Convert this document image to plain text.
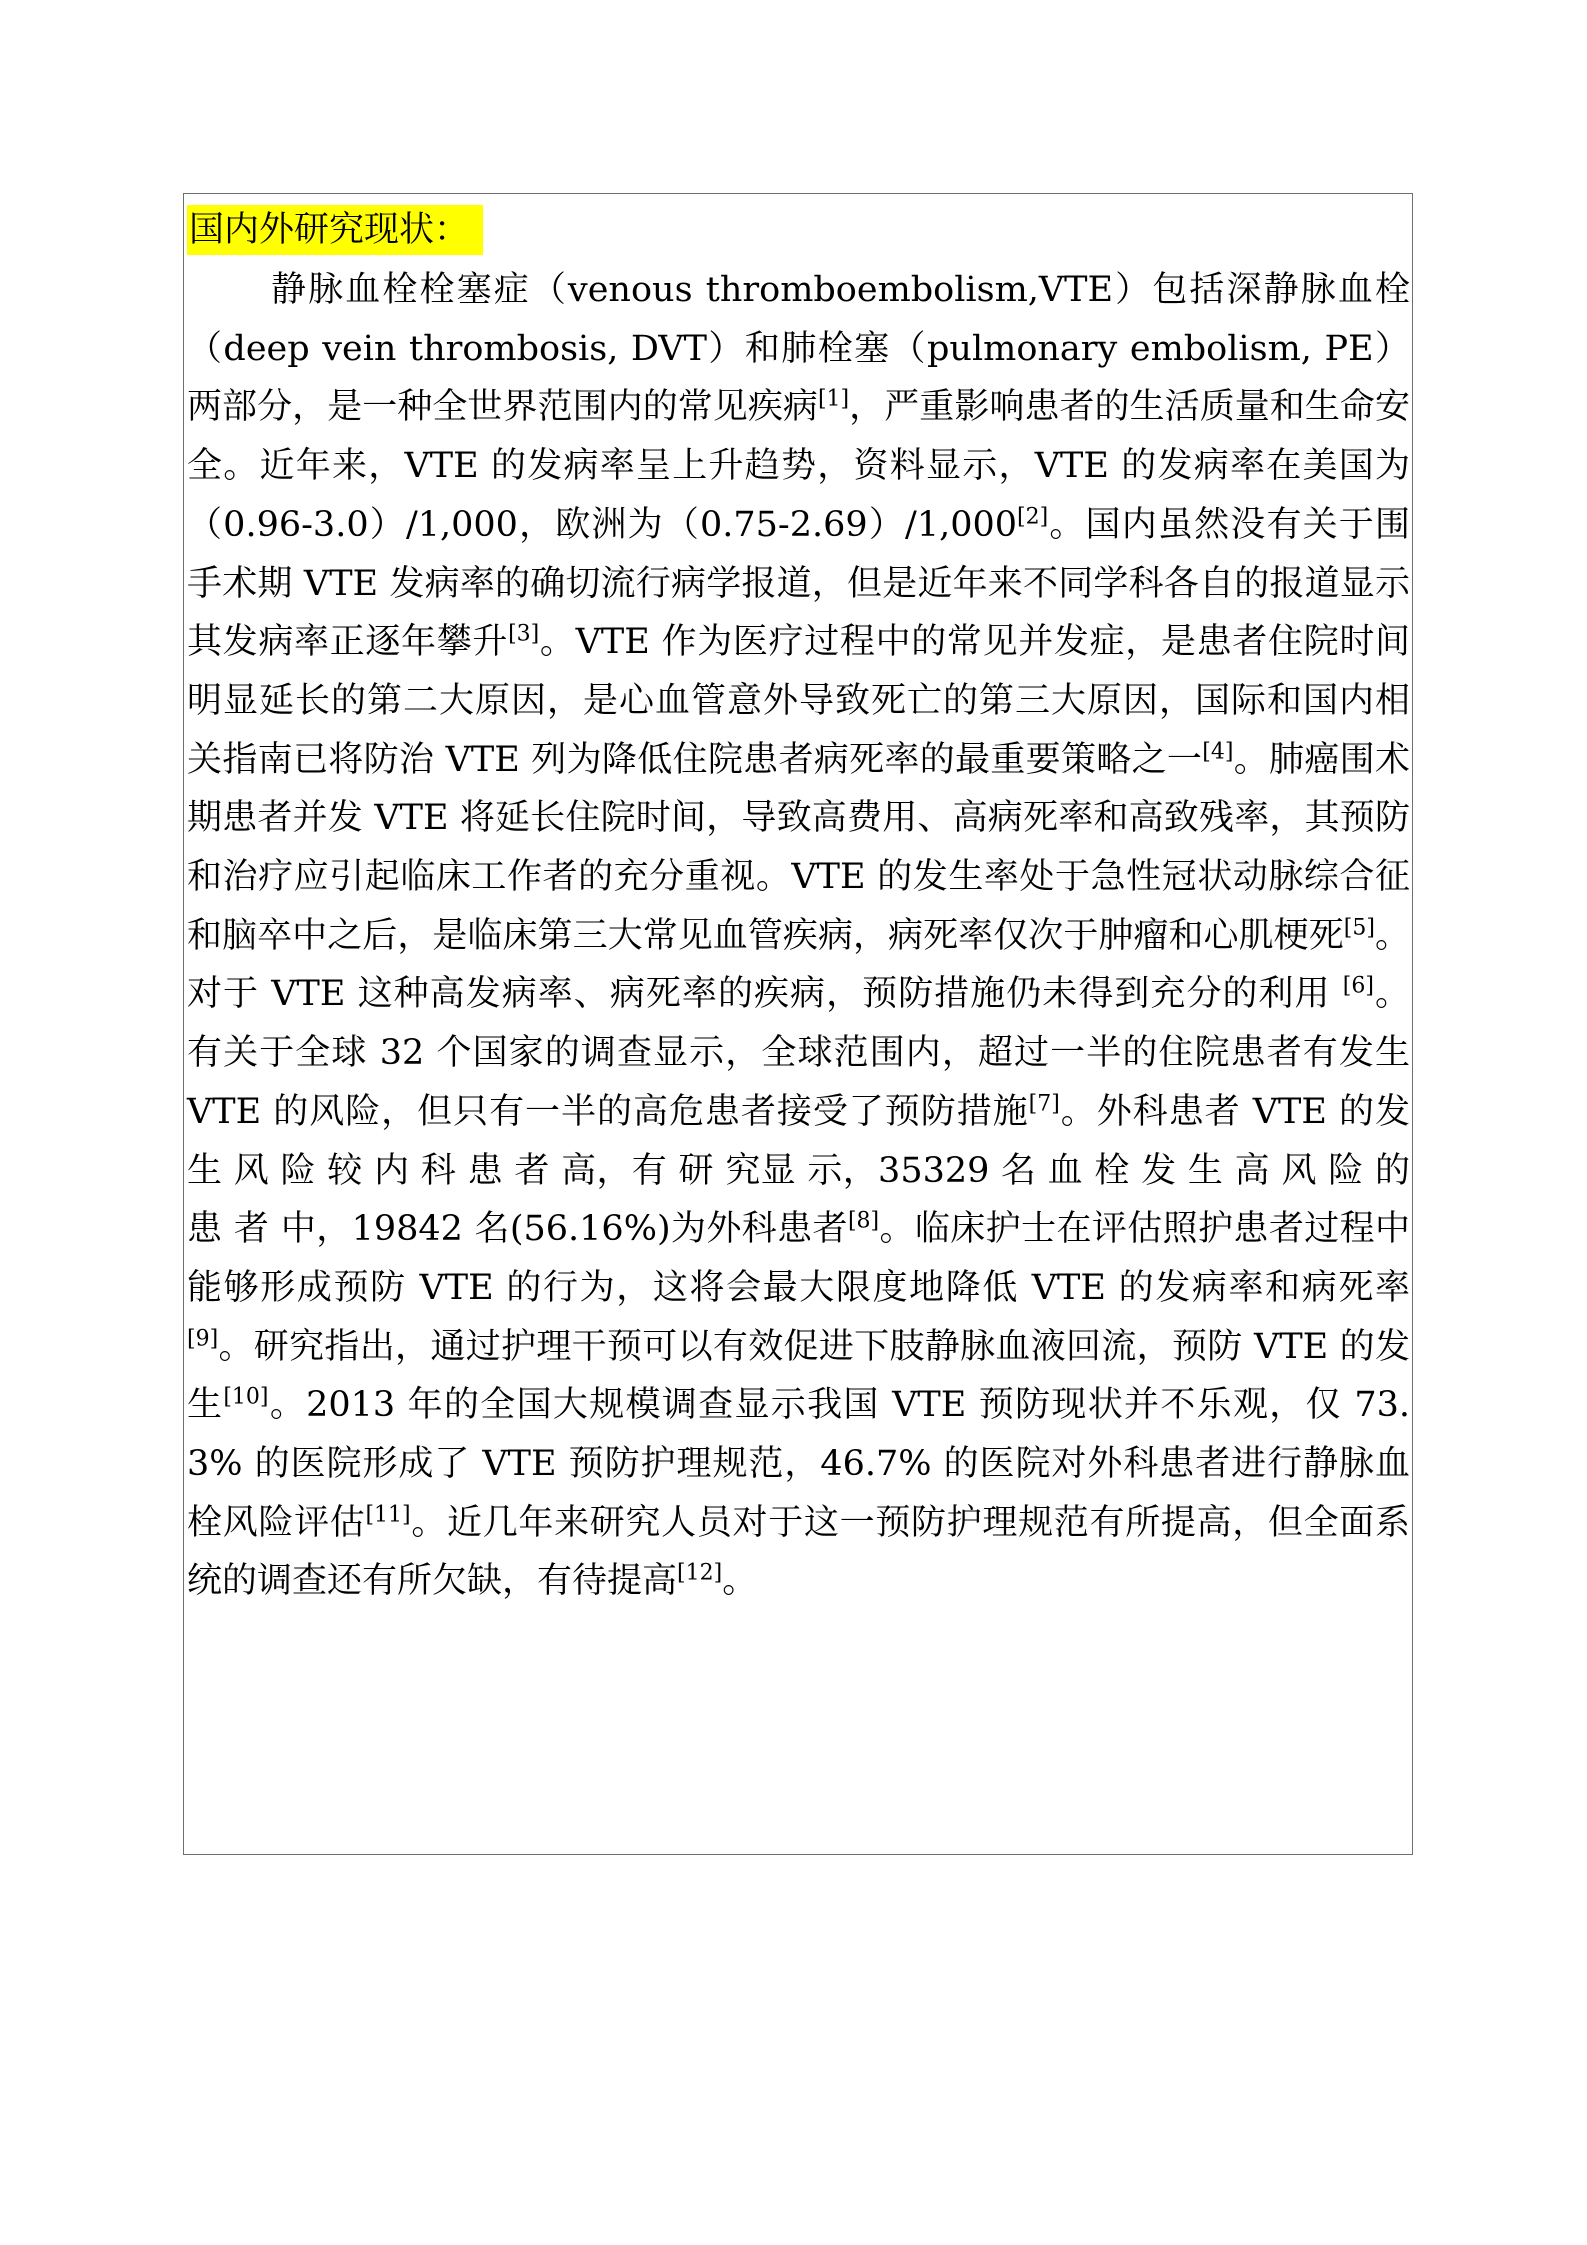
国内外研究现状：

静脉血栓栓塞症（venous thromboembolism,VTE）包括深静脉血栓（deep vein thrombosis, DVT）和肺栓塞（pulmonary embolism, PE）两部分，是一种全世界范围内的常见疾病[1]，严重影响患者的生活质量和生命安全。近年来，VTE 的发病率呈上升趋势，资料显示，VTE 的发病率在美国为（0.96-3.0）/1,000，欧洲为（0.75-2.69）/1,000[2]。国内虽然没有关于围手术期 VTE 发病率的确切流行病学报道，但是近年来不同学科各自的报道显示其发病率正逐年攀升[3]。VTE 作为医疗过程中的常见并发症，是患者住院时间明显延长的第二大原因，是心血管意外导致死亡的第三大原因，国际和国内相关指南已将防治 VTE 列为降低住院患者病死率的最重要策略之一[4]。肺癌围术期患者并发 VTE 将延长住院时间，导致高费用、高病死率和高致残率，其预防和治疗应引起临床工作者的充分重视。VTE 的发生率处于急性冠状动脉综合征和脑卒中之后，是临床第三大常见血管疾病，病死率仅次于肿瘤和心肌梗死[5]。对于 VTE 这种高发病率、病死率的疾病，预防措施仍未得到充分的利用 [6]。有关于全球 32 个国家的调查显示，全球范围内，超过一半的住院患者有发生 VTE 的风险，但只有一半的高危患者接受了预防措施[7]。外科患者 VTE 的发 生 风 险 较 内 科 患 者 高，有 研 究显 示，35329 名 血 栓 发 生 高 风 险 的 患 者 中，19842 名(56.16%)为外科患者[8]。临床护士在评估照护患者过程中能够形成预防 VTE 的行为，这将会最大限度地降低 VTE 的发病率和病死率[9]。研究指出，通过护理干预可以有效促进下肢静脉血液回流，预防 VTE 的发生[10]。2013 年的全国大规模调查显示我国 VTE 预防现状并不乐观，仅 73.3% 的医院形成了 VTE 预防护理规范，46.7% 的医院对外科患者进行静脉血栓风险评估[11]。近几年来研究人员对于这一预防护理规范有所提高，但全面系统的调查还有所欠缺，有待提高[12]。
